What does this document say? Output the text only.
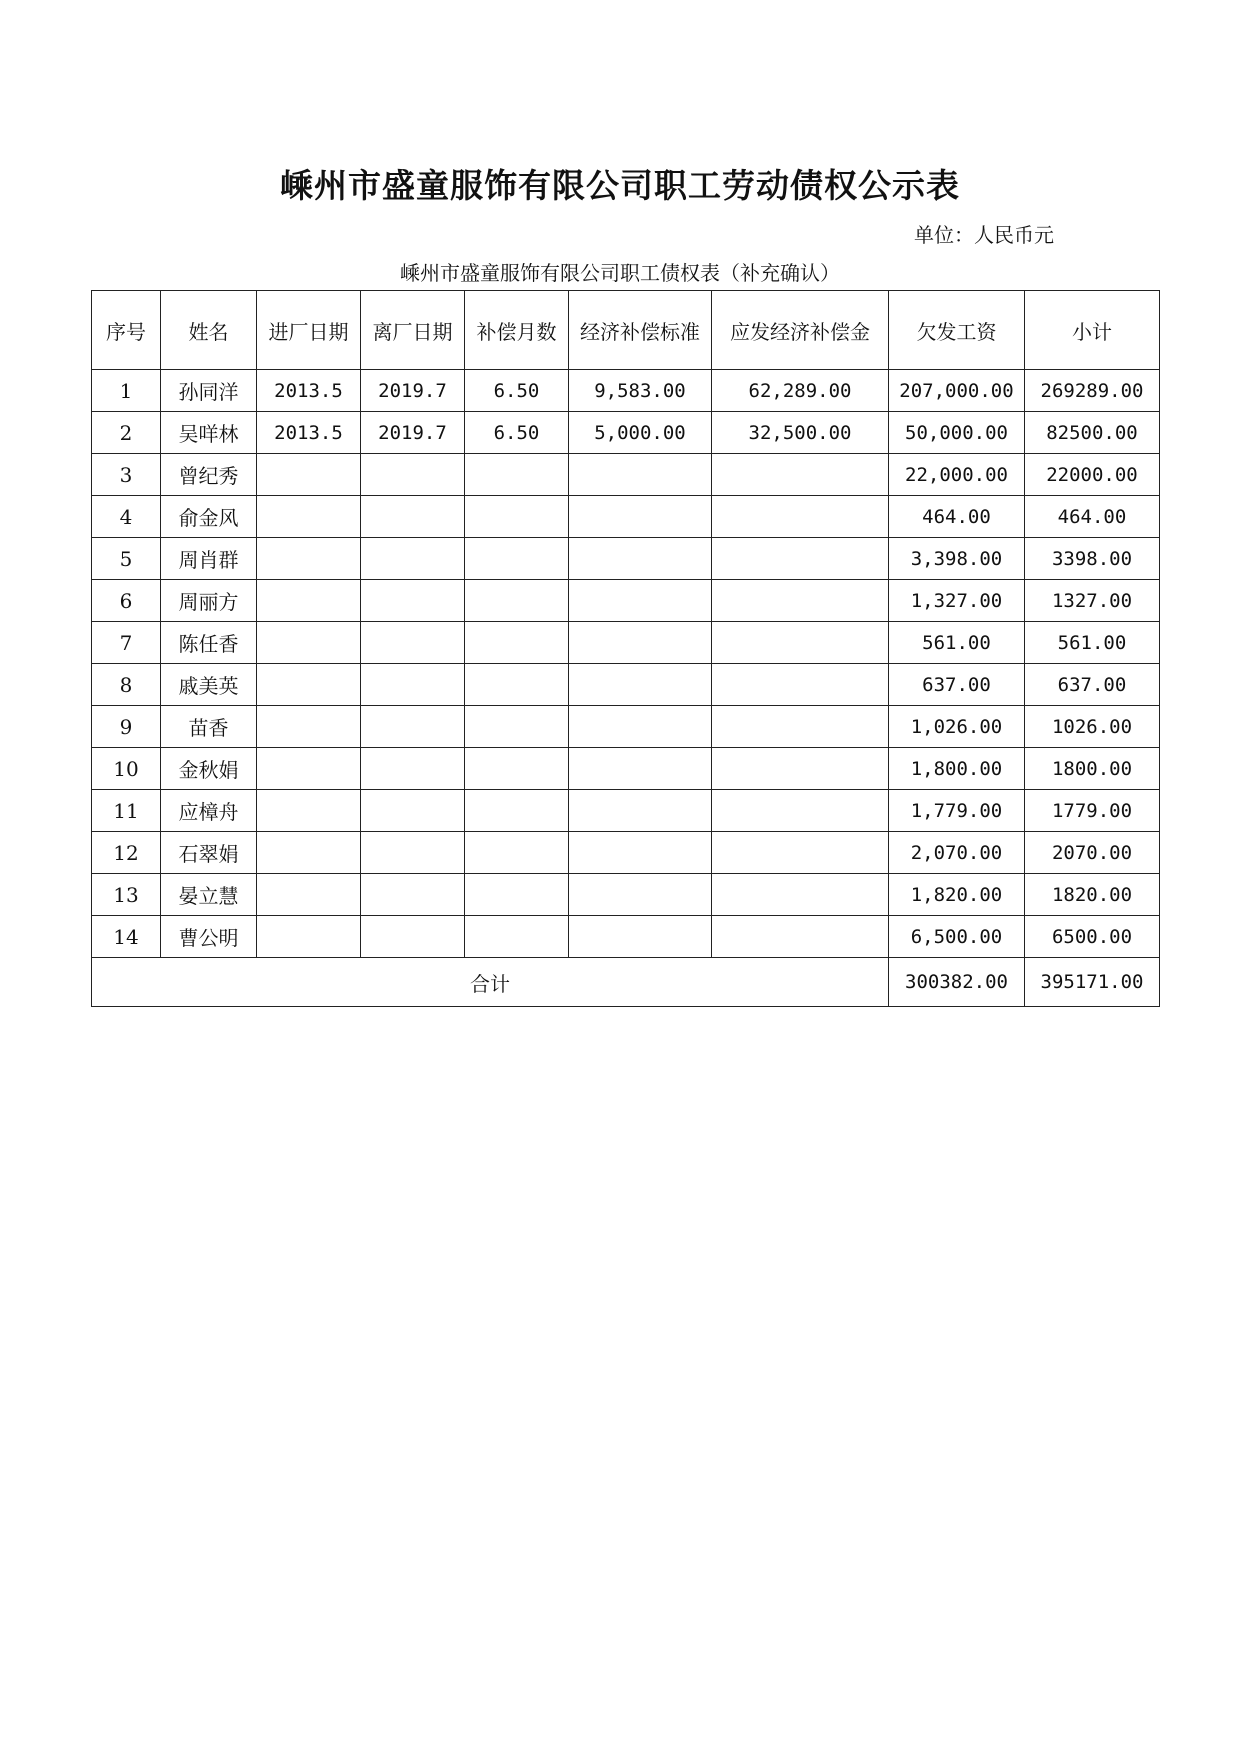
嵊州市盛童服饰有限公司职工劳动债权公示表
单位：人民币元
嵊州市盛童服饰有限公司职工债权表（补充确认）
序号	姓名	进厂日期	离厂日期	补偿月数	经济补偿标准	应发经济补偿金	欠发工资	小计
1	孙同洋	2013.5	2019.7	6.50	9,583.00	62,289.00	207,000.00	269289.00
2	吴咩林	2013.5	2019.7	6.50	5,000.00	32,500.00	50,000.00	82500.00
3	曾纪秀						22,000.00	22000.00
4	俞金风						464.00	464.00
5	周肖群						3,398.00	3398.00
6	周丽方						1,327.00	1327.00
7	陈任香						561.00	561.00
8	戚美英						637.00	637.00
9	苗香						1,026.00	1026.00
10	金秋娟						1,800.00	1800.00
11	应樟舟						1,779.00	1779.00
12	石翠娟						2,070.00	2070.00
13	晏立慧						1,820.00	1820.00
14	曹公明						6,500.00	6500.00
合计							300382.00	395171.00
